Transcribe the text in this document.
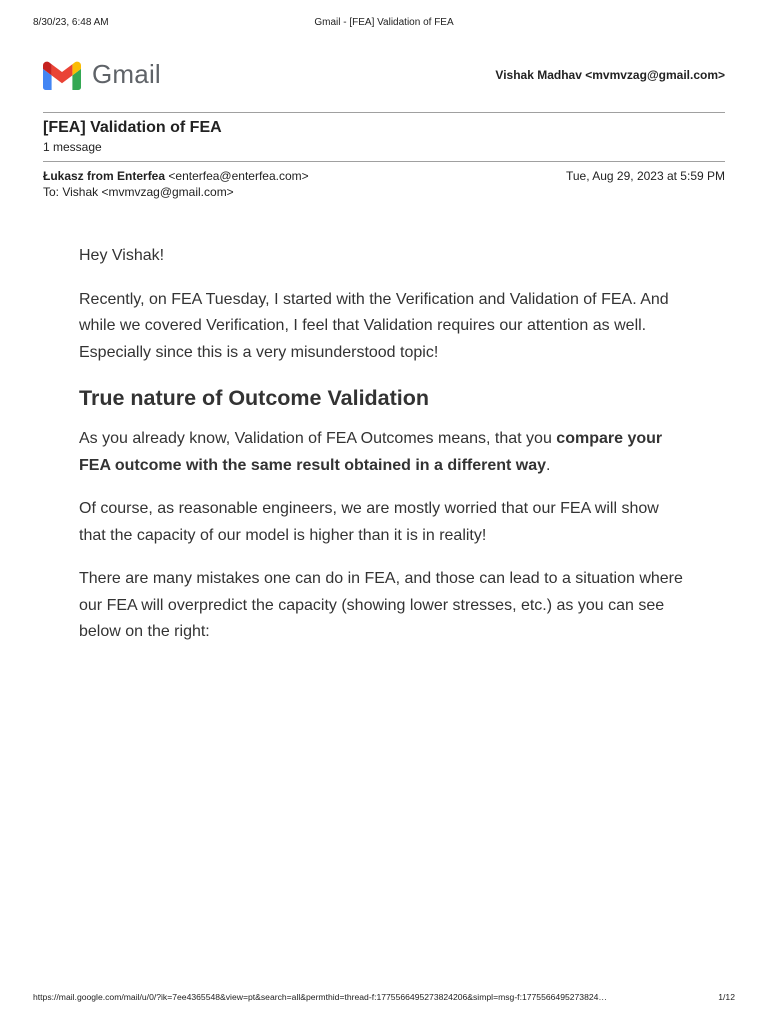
8/30/23, 6:48 AM	Gmail - [FEA] Validation of FEA
Gmail	Vishak Madhav <mvmvzag@gmail.com>
[FEA] Validation of FEA
1 message
Łukasz from Enterfea <enterfea@enterfea.com>	Tue, Aug 29, 2023 at 5:59 PM
To: Vishak <mvmvzag@gmail.com>

Hey Vishak!

Recently, on FEA Tuesday, I started with the Verification and Validation of FEA. And while we covered Verification, I feel that Validation requires our attention as well. Especially since this is a very misunderstood topic!

True nature of Outcome Validation

As you already know, Validation of FEA Outcomes means, that you compare your FEA outcome with the same result obtained in a different way.

Of course, as reasonable engineers, we are mostly worried that our FEA will show that the capacity of our model is higher than it is in reality!

There are many mistakes one can do in FEA, and those can lead to a situation where our FEA will overpredict the capacity (showing lower stresses, etc.) as you can see below on the right:

https://mail.google.com/mail/u/0/?ik=7ee4365548&view=pt&search=all&permthid=thread-f:1775566495273824206&simpl=msg-f:1775566495273824…	1/12
